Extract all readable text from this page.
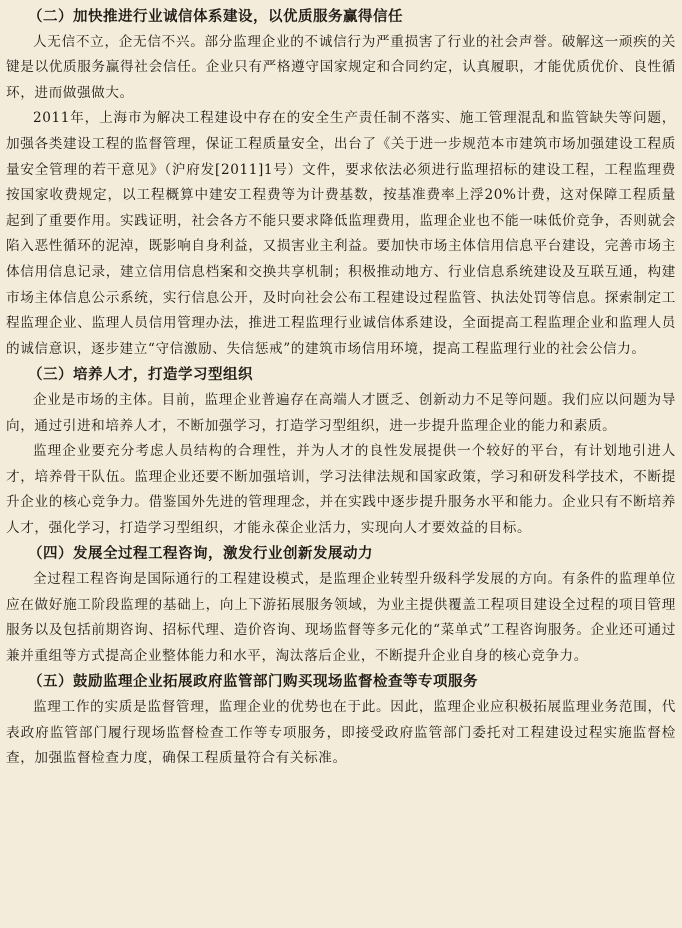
（二）加快推进行业诚信体系建设，以优质服务赢得信任

人无信不立，企无信不兴。部分监理企业的不诚信行为严重损害了行业的社会声誉。破解这一顽疾的关键是以优质服务赢得社会信任。企业只有严格遵守国家规定和合同约定，认真履职，才能优质优价、良性循环，进而做强做大。

2011年，上海市为解决工程建设中存在的安全生产责任制不落实、施工管理混乱和监管缺失等问题，加强各类建设工程的监督管理，保证工程质量安全，出台了《关于进一步规范本市建筑市场加强建设工程质量安全管理的若干意见》（沪府发[2011]1号）文件，要求依法必须进行监理招标的建设工程，工程监理费按国家收费规定，以工程概算中建安工程费等为计费基数，按基准费率上浮20%计费，这对保障工程质量起到了重要作用。实践证明，社会各方不能只要求降低监理费用，监理企业也不能一味低价竞争，否则就会陷入恶性循环的泥淖，既影响自身利益，又损害业主利益。要加快市场主体信用信息平台建设，完善市场主体信用信息记录，建立信用信息档案和交换共享机制；积极推动地方、行业信息系统建设及互联互通，构建市场主体信息公示系统，实行信息公开，及时向社会公布工程建设过程监管、执法处罚等信息。探索制定工程监理企业、监理人员信用管理办法，推进工程监理行业诚信体系建设，全面提高工程监理企业和监理人员的诚信意识，逐步建立“守信激励、失信惩戒”的建筑市场信用环境，提高工程监理行业的社会公信力。

（三）培养人才，打造学习型组织

企业是市场的主体。目前，监理企业普遍存在高端人才匮乏、创新动力不足等问题。我们应以问题为导向，通过引进和培养人才，不断加强学习，打造学习型组织，进一步提升监理企业的能力和素质。

监理企业要充分考虑人员结构的合理性，并为人才的良性发展提供一个较好的平台，有计划地引进人才，培养骨干队伍。监理企业还要不断加强培训，学习法律法规和国家政策，学习和研发科学技术，不断提升企业的核心竞争力。借鉴国外先进的管理理念，并在实践中逐步提升服务水平和能力。企业只有不断培养人才，强化学习，打造学习型组织，才能永葆企业活力，实现向人才要效益的目标。

（四）发展全过程工程咨询，激发行业创新发展动力

全过程工程咨询是国际通行的工程建设模式，是监理企业转型升级科学发展的方向。有条件的监理单位应在做好施工阶段监理的基础上，向上下游拓展服务领域，为业主提供覆盖工程项目建设全过程的项目管理服务以及包括前期咨询、招标代理、造价咨询、现场监督等多元化的“菜单式”工程咨询服务。企业还可通过兼并重组等方式提高企业整体能力和水平，淘汰落后企业，不断提升企业自身的核心竞争力。

（五）鼓励监理企业拓展政府监管部门购买现场监督检查等专项服务

监理工作的实质是监督管理，监理企业的优势也在于此。因此，监理企业应积极拓展监理业务范围，代表政府监管部门履行现场监督检查工作等专项服务，即接受政府监管部门委托对工程建设过程实施监督检查，加强监督检查力度，确保工程质量符合有关标准。
